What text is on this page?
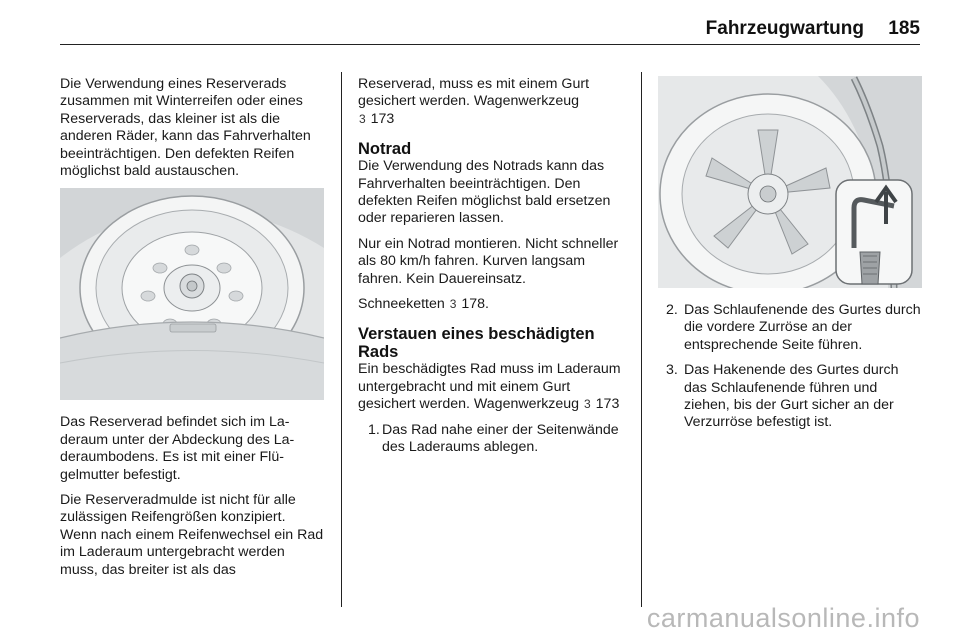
Fahrzeugwartung 185

Die Verwendung eines Reserverads zusammen mit Winterreifen oder eines Reserverads, das kleiner ist als die anderen Räder, kann das Fahrverhalten beeinträchtigen. Den defekten Reifen möglichst bald austauschen.

Das Reserverad befindet sich im Laderaum unter der Abdeckung des Laderaumbodens. Es ist mit einer Flügelmutter befestigt.

Die Reserveradmulde ist nicht für alle zulässigen Reifengrößen konzipiert. Wenn nach einem Reifenwechsel ein Rad im Laderaum untergebracht werden muss, das breiter ist als das

Reserverad, muss es mit einem Gurt gesichert werden. Wagenwerkzeug
3 173

Notrad

Die Verwendung des Notrads kann das Fahrverhalten beeinträchtigen. Den defekten Reifen möglichst bald ersetzen oder reparieren lassen.

Nur ein Notrad montieren. Nicht schneller als 80 km/h fahren. Kurven langsam fahren. Kein Dauereinsatz.

Schneeketten 3 178.

Verstauen eines beschädigten Rads

Ein beschädigtes Rad muss im Laderaum untergebracht und mit einem Gurt gesichert werden. Wagenwerkzeug 3 173

1. Das Rad nahe einer der Seitenwände des Laderaums ablegen.
2. Das Schlaufenende des Gurtes durch die vordere Zurröse an der entsprechende Seite führen.
3. Das Hakenende des Gurtes durch das Schlaufenende führen und ziehen, bis der Gurt sicher an der Verzurröse befestigt ist.
carmanualsonline.info
